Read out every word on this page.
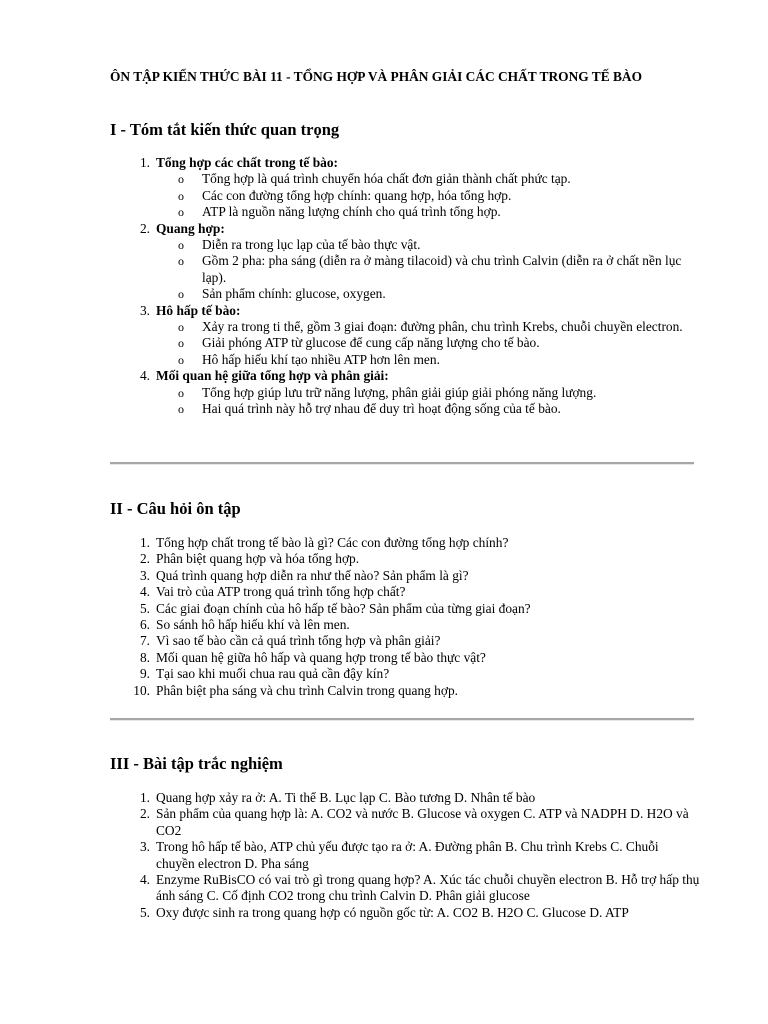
ÔN TẬP KIẾN THỨC BÀI 11 - TỔNG HỢP VÀ PHÂN GIẢI CÁC CHẤT TRONG TẾ BÀO
I - Tóm tắt kiến thức quan trọng
1. Tổng hợp các chất trong tế bào:
o Tổng hợp là quá trình chuyển hóa chất đơn giản thành chất phức tạp.
o Các con đường tổng hợp chính: quang hợp, hóa tổng hợp.
o ATP là nguồn năng lượng chính cho quá trình tổng hợp.
2. Quang hợp:
o Diễn ra trong lục lạp của tế bào thực vật.
o Gồm 2 pha: pha sáng (diễn ra ở màng tilacoid) và chu trình Calvin (diễn ra ở chất nền lục lạp).
o Sản phẩm chính: glucose, oxygen.
3. Hô hấp tế bào:
o Xảy ra trong ti thể, gồm 3 giai đoạn: đường phân, chu trình Krebs, chuỗi chuyền electron.
o Giải phóng ATP từ glucose để cung cấp năng lượng cho tế bào.
o Hô hấp hiếu khí tạo nhiều ATP hơn lên men.
4. Mối quan hệ giữa tổng hợp và phân giải:
o Tổng hợp giúp lưu trữ năng lượng, phân giải giúp giải phóng năng lượng.
o Hai quá trình này hỗ trợ nhau để duy trì hoạt động sống của tế bào.
II - Câu hỏi ôn tập
1. Tổng hợp chất trong tế bào là gì? Các con đường tổng hợp chính?
2. Phân biệt quang hợp và hóa tổng hợp.
3. Quá trình quang hợp diễn ra như thế nào? Sản phẩm là gì?
4. Vai trò của ATP trong quá trình tổng hợp chất?
5. Các giai đoạn chính của hô hấp tế bào? Sản phẩm của từng giai đoạn?
6. So sánh hô hấp hiếu khí và lên men.
7. Vì sao tế bào cần cả quá trình tổng hợp và phân giải?
8. Mối quan hệ giữa hô hấp và quang hợp trong tế bào thực vật?
9. Tại sao khi muối chua rau quả cần đậy kín?
10. Phân biệt pha sáng và chu trình Calvin trong quang hợp.
III - Bài tập trắc nghiệm
1. Quang hợp xảy ra ở: A. Ti thể B. Lục lạp C. Bào tương D. Nhân tế bào
2. Sản phẩm của quang hợp là: A. CO2 và nước B. Glucose và oxygen C. ATP và NADPH D. H2O và CO2
3. Trong hô hấp tế bào, ATP chủ yếu được tạo ra ở: A. Đường phân B. Chu trình Krebs C. Chuỗi chuyền electron D. Pha sáng
4. Enzyme RuBisCO có vai trò gì trong quang hợp? A. Xúc tác chuỗi chuyền electron B. Hỗ trợ hấp thụ ánh sáng C. Cố định CO2 trong chu trình Calvin D. Phân giải glucose
5. Oxy được sinh ra trong quang hợp có nguồn gốc từ: A. CO2 B. H2O C. Glucose D. ATP
